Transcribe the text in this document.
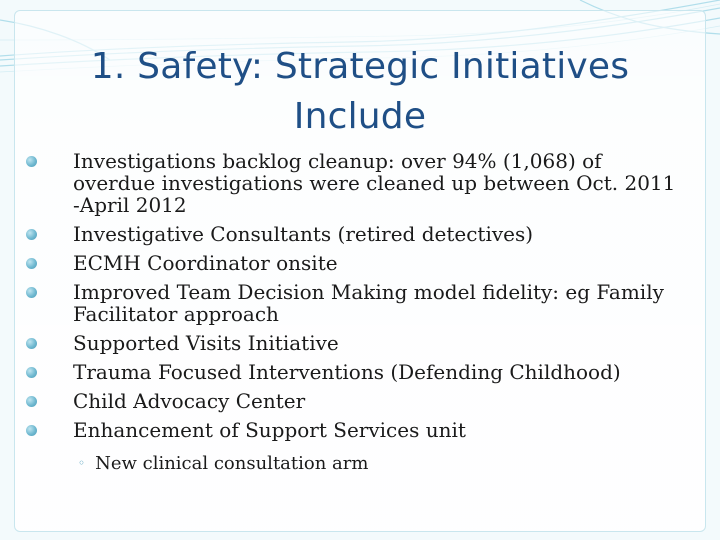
1. Safety: Strategic Initiatives
Include
Investigations backlog cleanup: over 94% (1,068) of overdue investigations were cleaned up between Oct. 2011 -April 2012
Investigative Consultants (retired detectives)
ECMH Coordinator onsite
Improved Team Decision Making model fidelity: eg Family Facilitator approach
Supported Visits Initiative
Trauma Focused Interventions (Defending Childhood)
Child Advocacy Center
Enhancement of Support Services unit
◦ New clinical consultation arm
